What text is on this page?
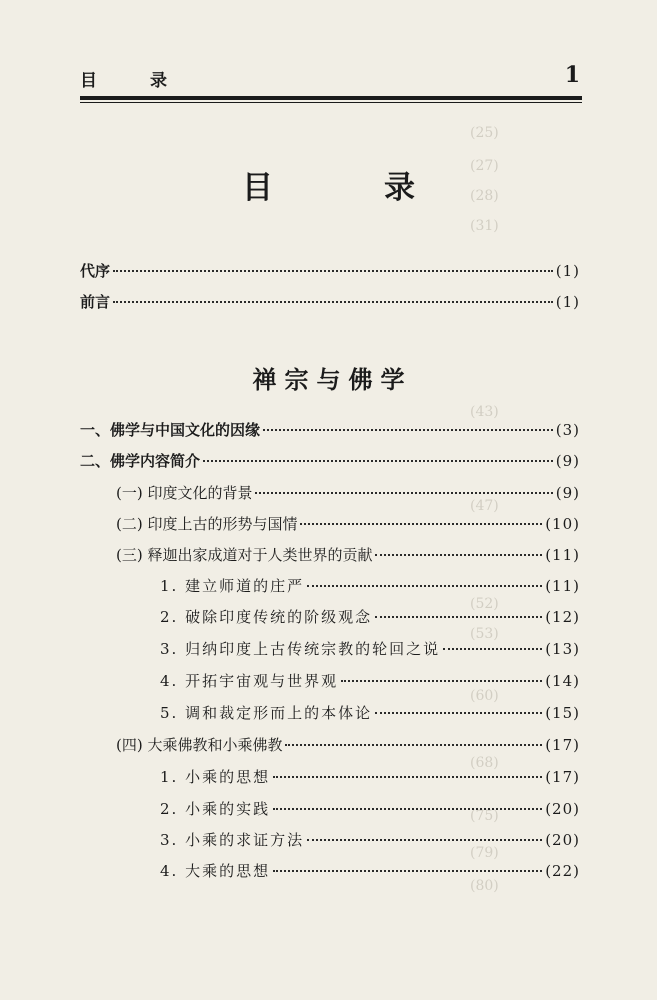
(25)
(27)
(28)
(31)
(43)
(47)
(52)
(53)
(60)
(68)
(75)
(79)
(80)
目　录	1
目　录
代序	(1)
前言	(1)
禅宗与佛学
一、佛学与中国文化的因缘	(3)
二、佛学内容简介	(9)
(一) 印度文化的背景	(9)
(二) 印度上古的形势与国情	(10)
(三) 释迦出家成道对于人类世界的贡献	(11)
1. 建立师道的庄严	(11)
2. 破除印度传统的阶级观念	(12)
3. 归纳印度上古传统宗教的轮回之说	(13)
4. 开拓宇宙观与世界观	(14)
5. 调和裁定形而上的本体论	(15)
(四) 大乘佛教和小乘佛教	(17)
1. 小乘的思想	(17)
2. 小乘的实践	(20)
3. 小乘的求证方法	(20)
4. 大乘的思想	(22)
